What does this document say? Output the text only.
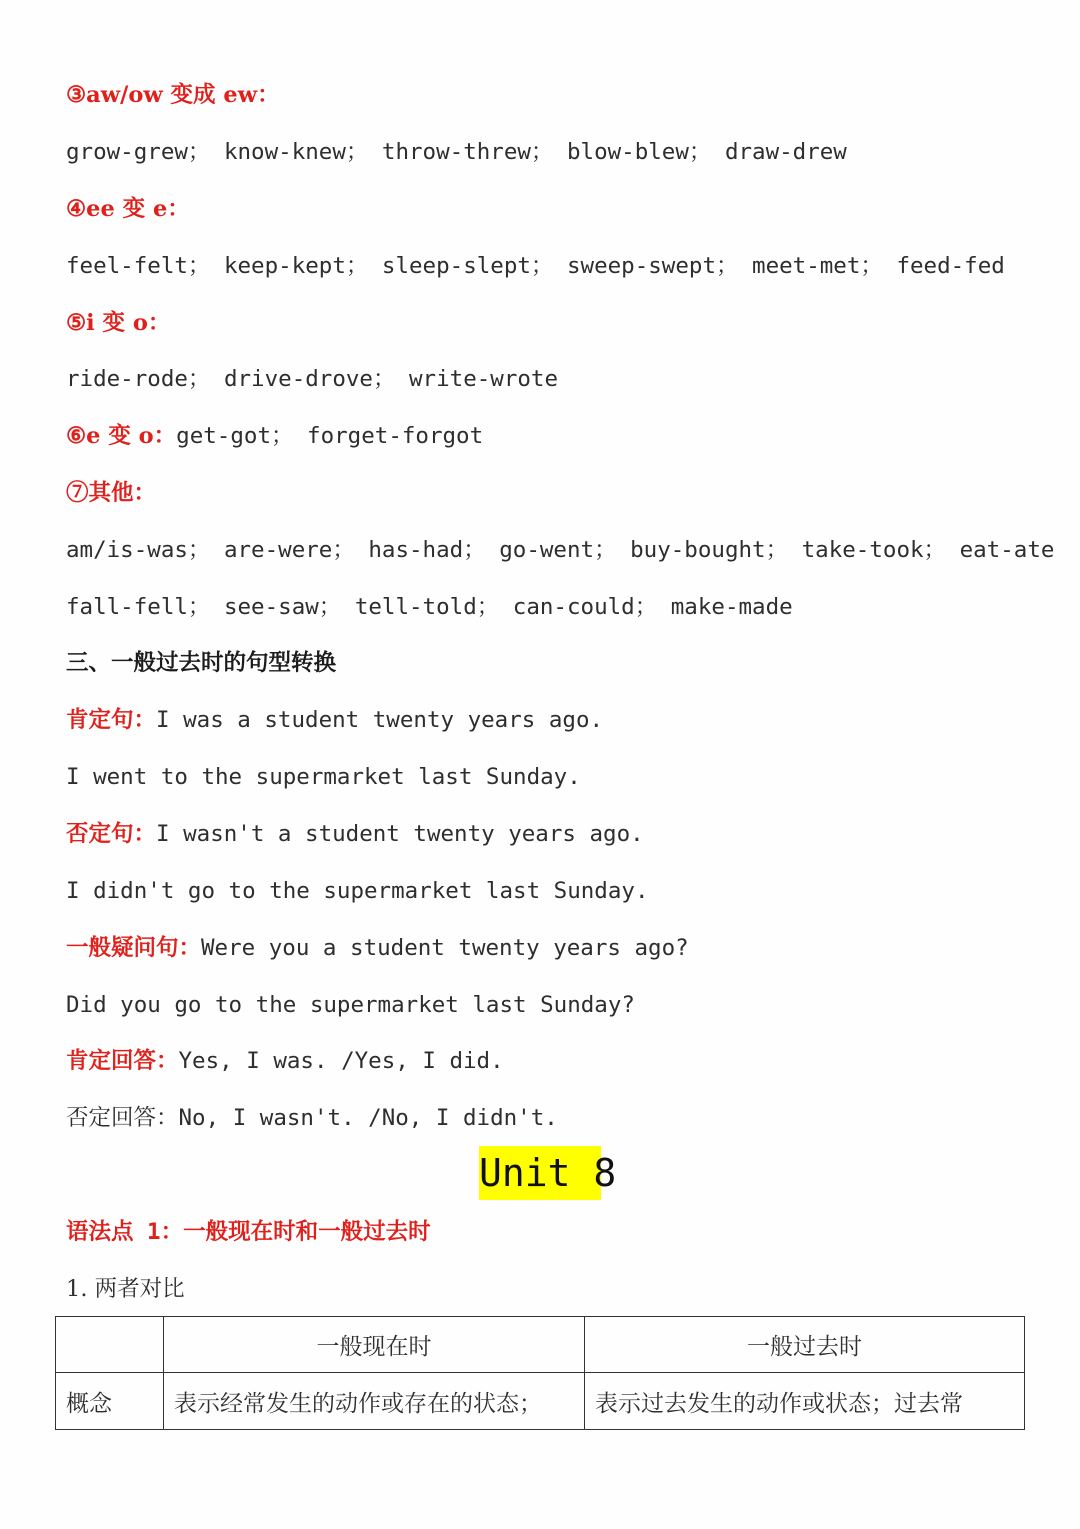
③aw/ow 变成 ew：
grow-grew； know-knew； throw-threw； blow-blew； draw-drew
④ee 变 e：
feel-felt； keep-kept； sleep-slept； sweep-swept； meet-met； feed-fed
⑤i 变 o：
ride-rode； drive-drove； write-wrote
⑥e 变 o：get-got； forget-forgot
⑦其他：
am/is-was； are-were； has-had； go-went； buy-bought； take-took； eat-ate
fall-fell； see-saw； tell-told； can-could； make-made
三、一般过去时的句型转换
肯定句：I was a student twenty years ago.
I went to the supermarket last Sunday.
否定句：I wasn't a student twenty years ago.
I didn't go to the supermarket last Sunday.
一般疑问句：Were you a student twenty years ago?
Did you go to the supermarket last Sunday?
肯定回答：Yes, I was. /Yes, I did.
否定回答：No, I wasn't. /No, I didn't.
Unit 8
语法点 1：一般现在时和一般过去时
1. 两者对比
	一般现在时	一般过去时
概念	表示经常发生的动作或存在的状态；	表示过去发生的动作或状态；过去常
